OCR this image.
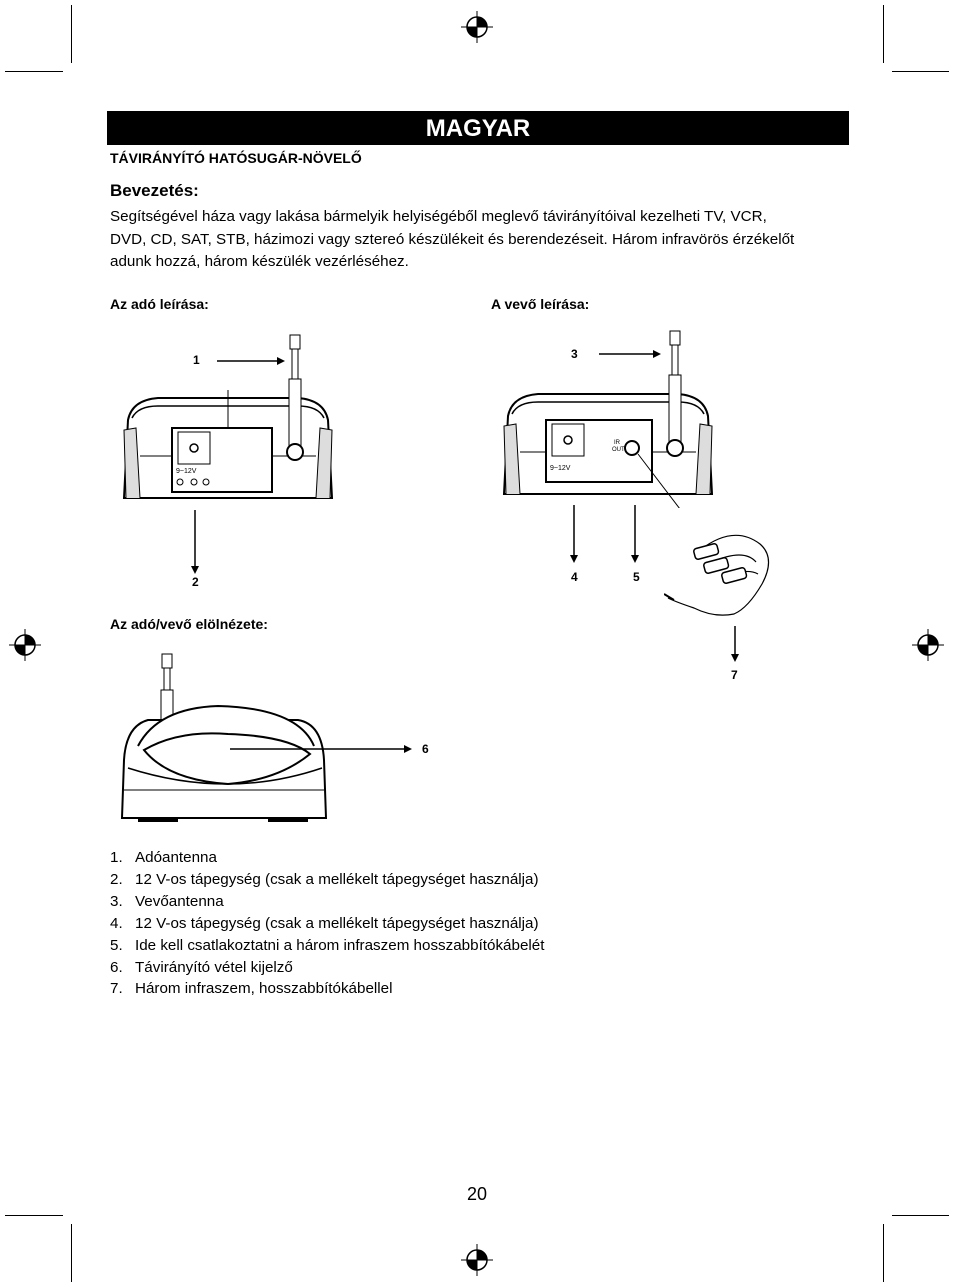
MAGYAR
TÁVIRÁNYÍTÓ HATÓSUGÁR-NÖVELŐ
Bevezetés:
Segítségével háza vagy lakása bármelyik helyiségéből meglevő távirányítóival kezelheti TV, VCR,
DVD, CD, SAT, STB, házimozi vagy sztereó készülékeit és berendezéseit. Három infravörös érzékelőt
adunk hozzá, három készülék vezérléséhez.
Az adó leírása:	A vevő leírása:
Az adó/vevő elölnézete:
9~12V
IR
OUT
9~12V
1
2
3
4	5
6
7
1. Adóantenna
2. 12 V-os tápegység (csak a mellékelt tápegységet használja)
3. Vevőantenna
4. 12 V-os tápegység (csak a mellékelt tápegységet használja)
5. Ide kell csatlakoztatni a három infraszem hosszabbítókábelét
6. Távirányító vétel kijelző
7. Három infraszem, hosszabbítókábellel
20
